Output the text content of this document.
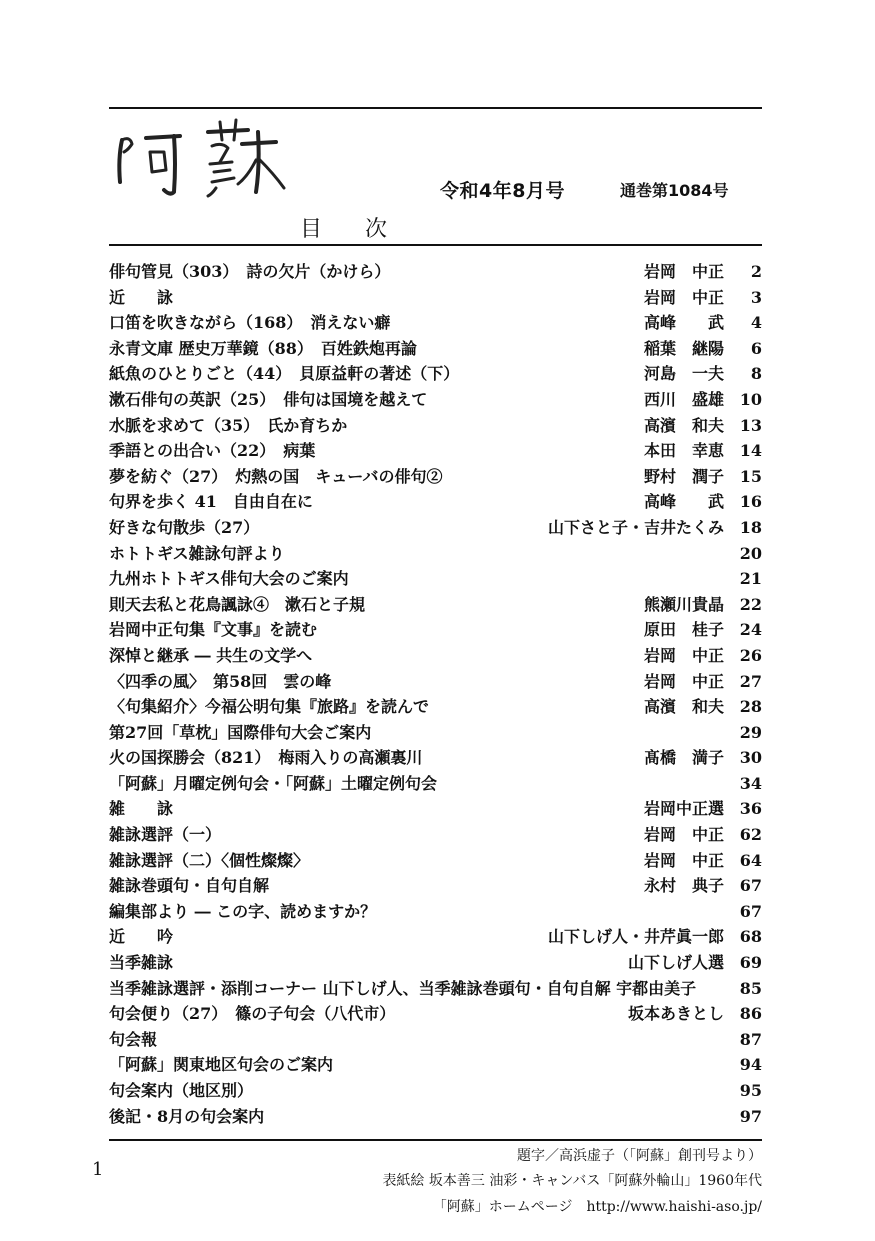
令和4年8月号	通巻第1084号
目 次
俳句管見（303）　詩の欠片（かけら）	岩岡　中正	2
近　　詠	岩岡　中正	3
口笛を吹きながら（168）　消えない癖	高峰　　武	4
永青文庫 歴史万華鏡（88）　百姓鉄炮再論	稲葉　継陽	6
紙魚のひとりごと（44）　貝原益軒の著述（下）	河島　一夫	8
漱石俳句の英訳（25）　俳句は国境を越えて	西川　盛雄 10
水脈を求めて（35）　氏か育ちか	高濱　和夫 13
季語との出合い（22）　病葉	本田　幸恵 14
夢を紡ぐ（27）　灼熱の国　キューバの俳句②	野村　潤子 15
句界を歩く 41　自由自在に	高峰　　武 16
好きな句散歩（27）	山下さと子・吉井たくみ 18
ホトトギス雑詠句評より	20
九州ホトトギス俳句大会のご案内	21
則天去私と花鳥諷詠④　漱石と子規	熊瀬川貴晶 22
岩岡中正句集『文事』を読む	原田　桂子 24
深悼と継承 ― 共生の文学へ	岩岡　中正 26
〈四季の風〉　第58回　雲の峰	岩岡　中正 27
〈句集紹介〉今福公明句集『旅路』を読んで	高濱　和夫 28
第27回「草枕」国際俳句大会ご案内	29
火の国探勝会（821）　梅雨入りの高瀬裏川	髙橋　満子 30
「阿蘇」月曜定例句会・「阿蘇」土曜定例句会	34
雑　　詠	岩岡中正選 36
雑詠選評（一）	岩岡　中正 62
雑詠選評（二）〈個性燦燦〉	岩岡　中正 64
雑詠巻頭句・自句自解	永村　典子 67
編集部より ― この字、読めますか？	67
近　　吟	山下しげ人・井芹眞一郎 68
当季雑詠	山下しげ人選 69
当季雑詠選評・添削コーナー 山下しげ人、当季雑詠巻頭句・自句自解 宇都由美子	85
句会便り（27）　篠の子句会（八代市）	坂本あきとし 86
句会報	87
「阿蘇」関東地区句会のご案内	94
句会案内（地区別）	95
後記・8月の句会案内	97
1
題字／高浜虚子（「阿蘇」創刊号より）
表紙絵 坂本善三 油彩・キャンバス「阿蘇外輪山」1960年代
「阿蘇」ホームページ　http://www.haishi-aso.jp/
